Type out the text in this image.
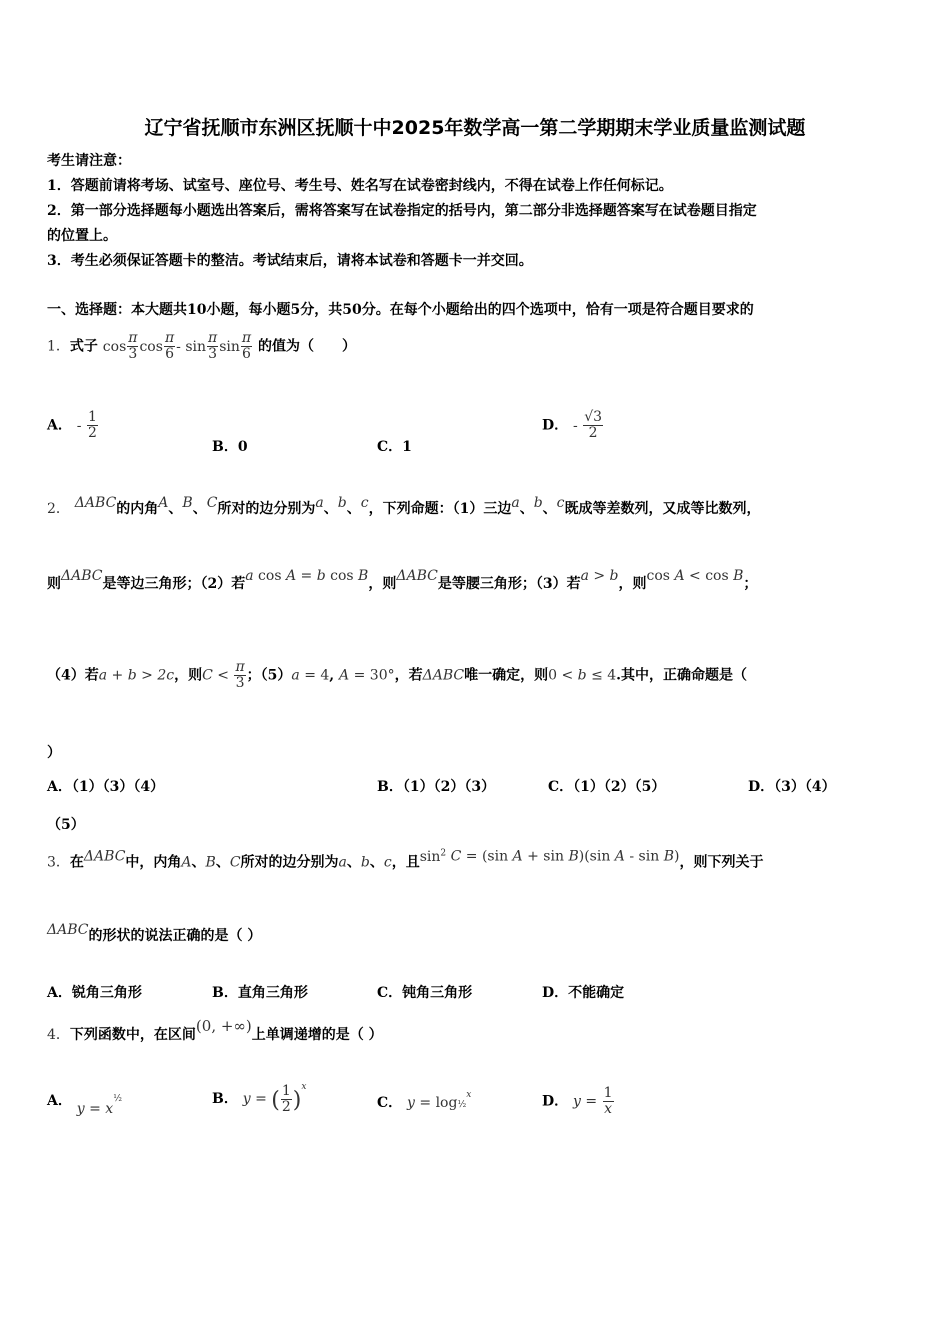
辽宁省抚顺市东洲区抚顺十中2025年数学高一第二学期期末学业质量监测试题
考生请注意：
1．答题前请将考场、试室号、座位号、考生号、姓名写在试卷密封线内，不得在试卷上作任何标记。
2．第一部分选择题每小题选出答案后，需将答案写在试卷指定的括号内，第二部分非选择题答案写在试卷题目指定
的位置上。
3．考生必须保证答题卡的整洁。考试结束后，请将本试卷和答题卡一并交回。
一、选择题：本大题共10小题，每小题5分，共50分。在每个小题给出的四个选项中，恰有一项是符合题目要求的
1．式子 $\cos \frac{\pi}{3}$ $\cos \frac{\pi}{6}$ - $\sin \frac{\pi}{3}$ $\sin \frac{\pi}{6}$ 的值为（　　）
A． - $\frac{1}{2}$
B．0	C．1
D． - $\frac{√3}{2}$
2． ΔABC的内角A、B、C所对的边分别为a、b、c，下列命题：（1）三边a、b、c既成等差数列，又成等比数列，
则ΔABC是等边三角形；（2）若a cos A = b cos B，则ΔABC是等腰三角形；（3）若a > b，则cos A < cos B；
（4）若a + b > 2c，则$C < \frac{\pi}{3}$ ；（5）a = 4, A = 30°，若ΔABC唯一确定，则0 < b ≤ 4.其中，正确命题是（
）
A．（1）（3）（4）	B．（1）（2）（3）	C．（1）（2）（5）	D．（3）（4）
（5）
3．在ΔABC中，内角A、B、C所对的边分别为a、b、c，且$\sin^2 C = (\sin$ A + sin B)(sin A - sin B)，则下列关于
ΔABC的形状的说法正确的是（ ）
A．锐角三角形	B．直角三角形	C．钝角三角形	D．不能确定
4．下列函数中，在区间(0, +∞)上单调递增的是（ ）
A． $y = x^{\frac{1}{2}}$	B． y = ( $\frac{1}{2} )^x$
C． y = log½$^x$	D． $y = \frac{1}{x}$
